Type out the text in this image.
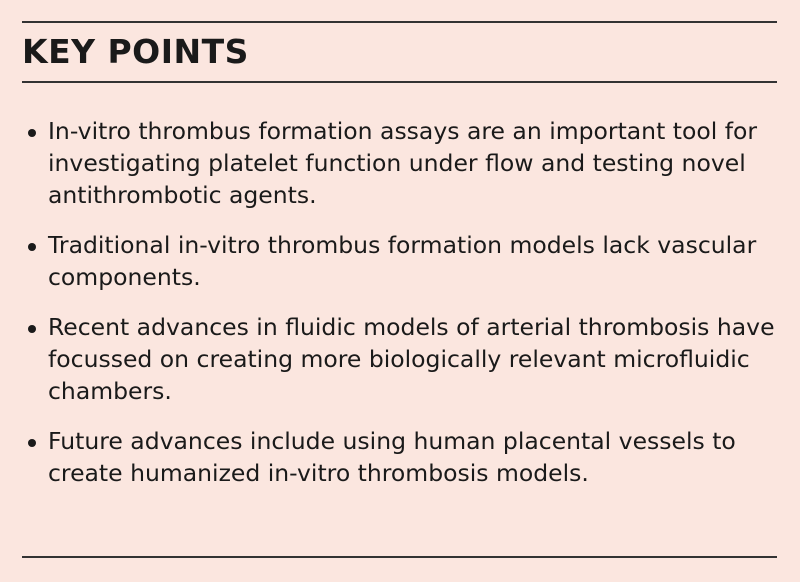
KEY POINTS
In-vitro thrombus formation assays are an important tool for investigating platelet function under flow and testing novel antithrombotic agents.
Traditional in-vitro thrombus formation models lack vascular components.
Recent advances in fluidic models of arterial thrombosis have focussed on creating more biologically relevant microfluidic chambers.
Future advances include using human placental vessels to create humanized in-vitro thrombosis models.
